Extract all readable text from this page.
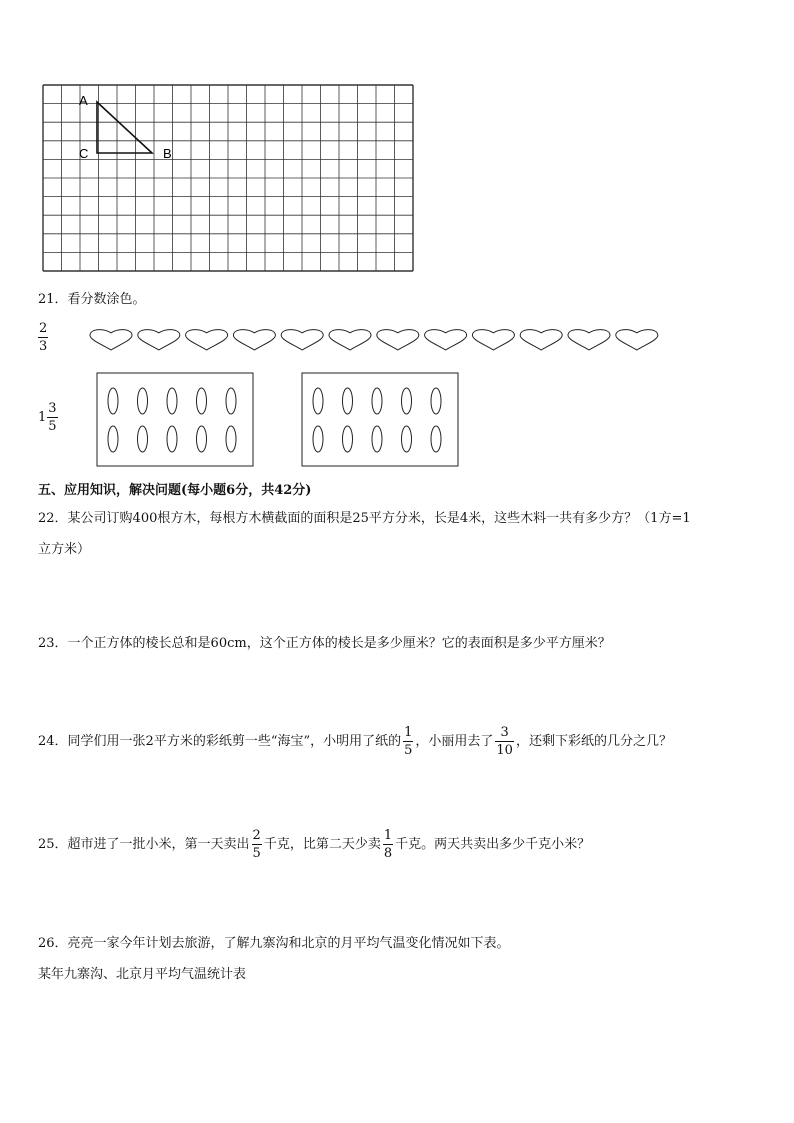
A
C	B
21．看分数涂色。
$\frac{2}{3}$
$1 \frac{3}{5}$
五、应用知识，解决问题(每小题6分，共42分)
22．某公司订购400根方木，每根方木横截面的面积是25平方分米，长是4米，这些木料一共有多少方？（1方=1
立方米）
23．一个正方体的棱长总和是60cm，这个正方体的棱长是多少厘米？它的表面积是多少平方厘米？
24．同学们用一张2平方米的彩纸剪一些“海宝”，小明用了纸的 $\frac{1}{5}$ ，小丽用去了 $\frac{3}{10}$ ，还剩下彩纸的几分之几？
25．超市进了一批小米，第一天卖出 $\frac{2}{5}$ 千克，比第二天少卖 $\frac{1}{8}$ 千克。两天共卖出多少千克小米？
26．亮亮一家今年计划去旅游，了解九寨沟和北京的月平均气温变化情况如下表。
某年九寨沟、北京月平均气温统计表
